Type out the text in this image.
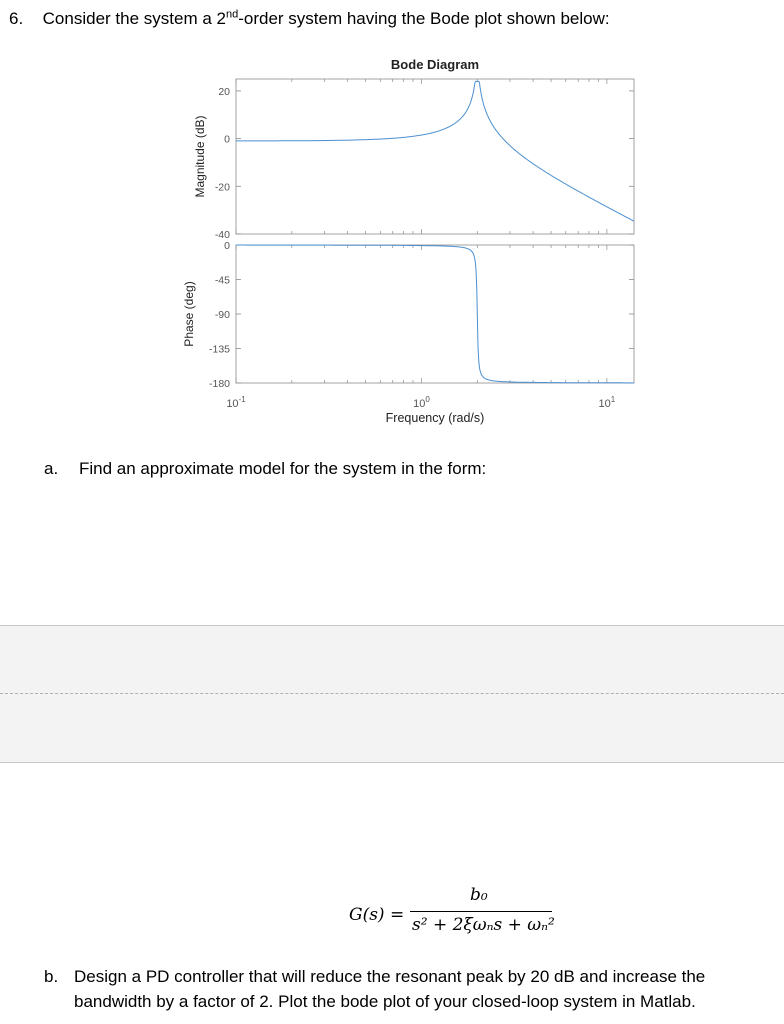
6. Consider the system a 2nd-order system having the Bode plot shown below:
Bode Diagram
20
0
-20
-40
0
-45
-90
-135
-180
$10^{-1}$	$10^0$	$10^1$
Frequency (rad/s)
Magnitude (dB)
Phase (deg)
a. Find an approximate model for the system in the form:
G(s) =
b₀
s² + 2ξωₙs + ωₙ²
b. Design a PD controller that will reduce the resonant peak by 20 dB and increase the
bandwidth by a factor of 2. Plot the bode plot of your closed-loop system in Matlab.
